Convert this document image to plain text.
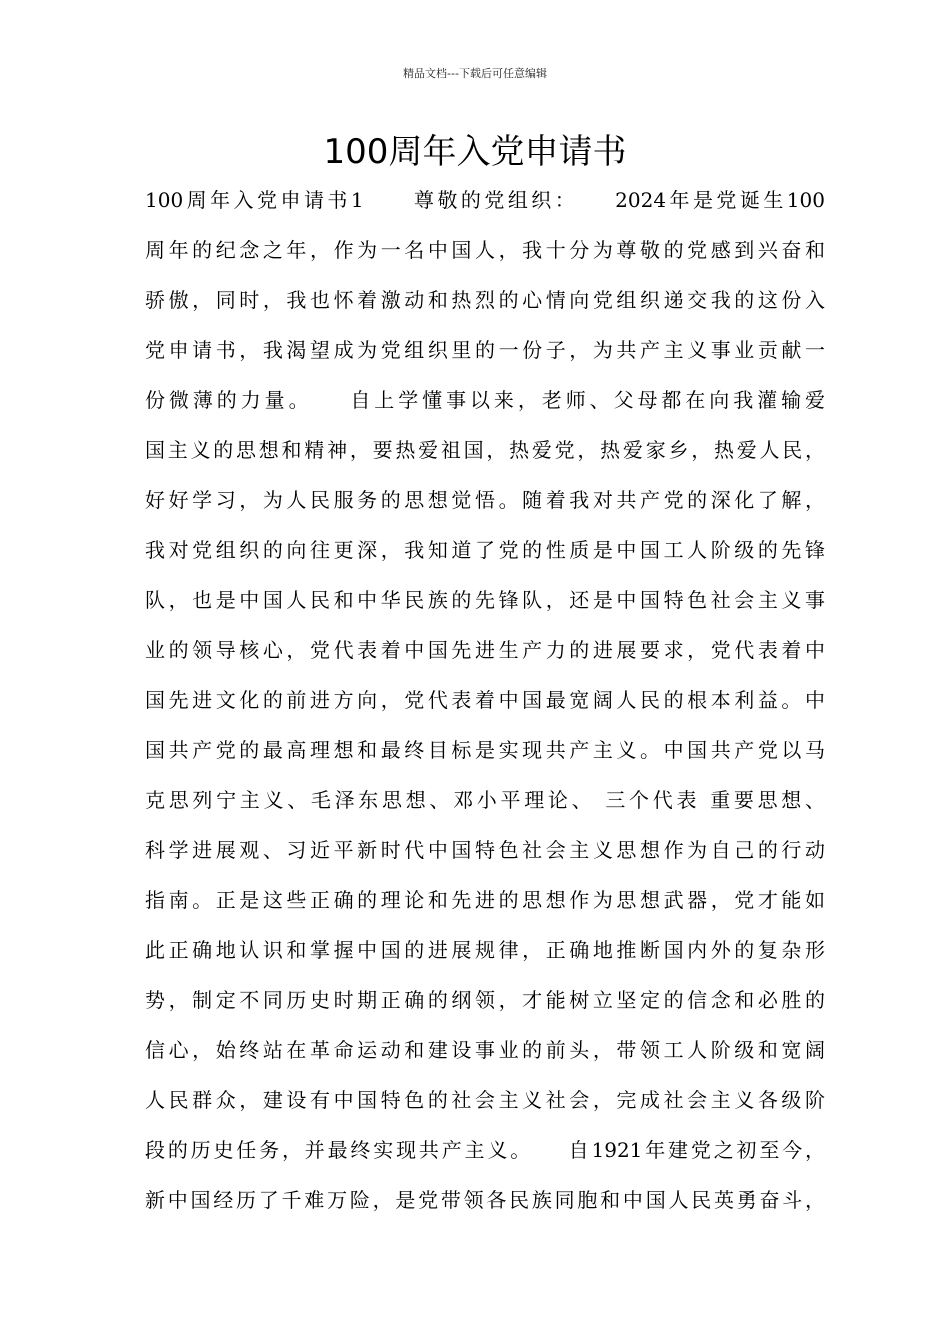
精品文档---下载后可任意编辑
100周年入党申请书
100周年入党申请书1　　尊敬的党组织：　　2024年是党诞生100
周年的纪念之年，作为一名中国人，我十分为尊敬的党感到兴奋和
骄傲，同时，我也怀着激动和热烈的心情向党组织递交我的这份入
党申请书，我渴望成为党组织里的一份子，为共产主义事业贡献一
份微薄的力量。　　自上学懂事以来，老师、父母都在向我灌输爱
国主义的思想和精神，要热爱祖国，热爱党，热爱家乡，热爱人民，
好好学习，为人民服务的思想觉悟。随着我对共产党的深化了解，
我对党组织的向往更深，我知道了党的性质是中国工人阶级的先锋
队，也是中国人民和中华民族的先锋队，还是中国特色社会主义事
业的领导核心，党代表着中国先进生产力的进展要求，党代表着中
国先进文化的前进方向，党代表着中国最宽阔人民的根本利益。中
国共产党的最高理想和最终目标是实现共产主义。中国共产党以马
克思列宁主义、毛泽东思想、邓小平理论、 三个代表 重要思想、
科学进展观、习近平新时代中国特色社会主义思想作为自己的行动
指南。正是这些正确的理论和先进的思想作为思想武器，党才能如
此正确地认识和掌握中国的进展规律，正确地推断国内外的复杂形
势，制定不同历史时期正确的纲领，才能树立坚定的信念和必胜的
信心，始终站在革命运动和建设事业的前头，带领工人阶级和宽阔
人民群众，建设有中国特色的社会主义社会，完成社会主义各级阶
段的历史任务，并最终实现共产主义。　　自1921年建党之初至今，
新中国经历了千难万险，是党带领各民族同胞和中国人民英勇奋斗，
